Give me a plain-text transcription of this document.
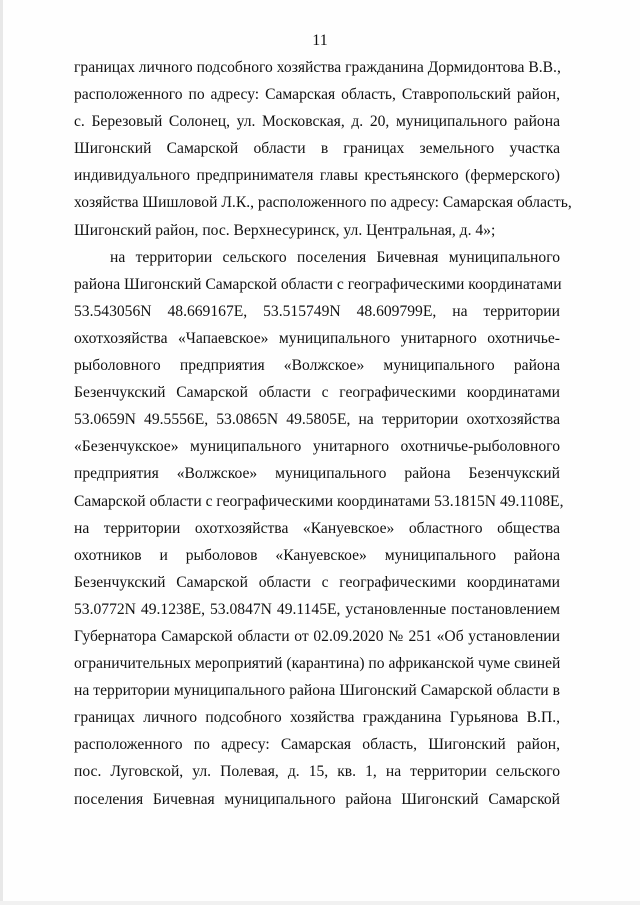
11
границах личного подсобного хозяйства гражданина Дормидонтова В.В.,
расположенного по адресу: Самарская область, Ставропольский район,
с. Березовый Солонец, ул. Московская, д. 20, муниципального района
Шигонский Самарской области в границах земельного участка
индивидуального предпринимателя главы крестьянского (фермерского)
хозяйства Шишловой Л.К., расположенного по адресу: Самарская область,
Шигонский район, пос. Верхнесуринск, ул. Центральная, д. 4»;
на территории сельского поселения Бичевная муниципального
района Шигонский Самарской области с географическими координатами
53.543056N 48.669167E, 53.515749N 48.609799E, на территории
охотхозяйства «Чапаевское» муниципального унитарного охотничье-
рыболовного предприятия «Волжское» муниципального района
Безенчукский Самарской области с географическими координатами
53.0659N 49.5556E, 53.0865N 49.5805E, на территории охотхозяйства
«Безенчукское» муниципального унитарного охотничье-рыболовного
предприятия «Волжское» муниципального района Безенчукский
Самарской области с географическими координатами 53.1815N 49.1108E,
на территории охотхозяйства «Кануевское» областного общества
охотников и рыболовов «Кануевское» муниципального района
Безенчукский Самарской области с географическими координатами
53.0772N 49.1238E, 53.0847N 49.1145E, установленные постановлением
Губернатора Самарской области от 02.09.2020 № 251 «Об установлении
ограничительных мероприятий (карантина) по африканской чуме свиней
на территории муниципального района Шигонский Самарской области в
границах личного подсобного хозяйства гражданина Гурьянова В.П.,
расположенного по адресу: Самарская область, Шигонский район,
пос. Луговской, ул. Полевая, д. 15, кв. 1, на территории сельского
поселения Бичевная муниципального района Шигонский Самарской
